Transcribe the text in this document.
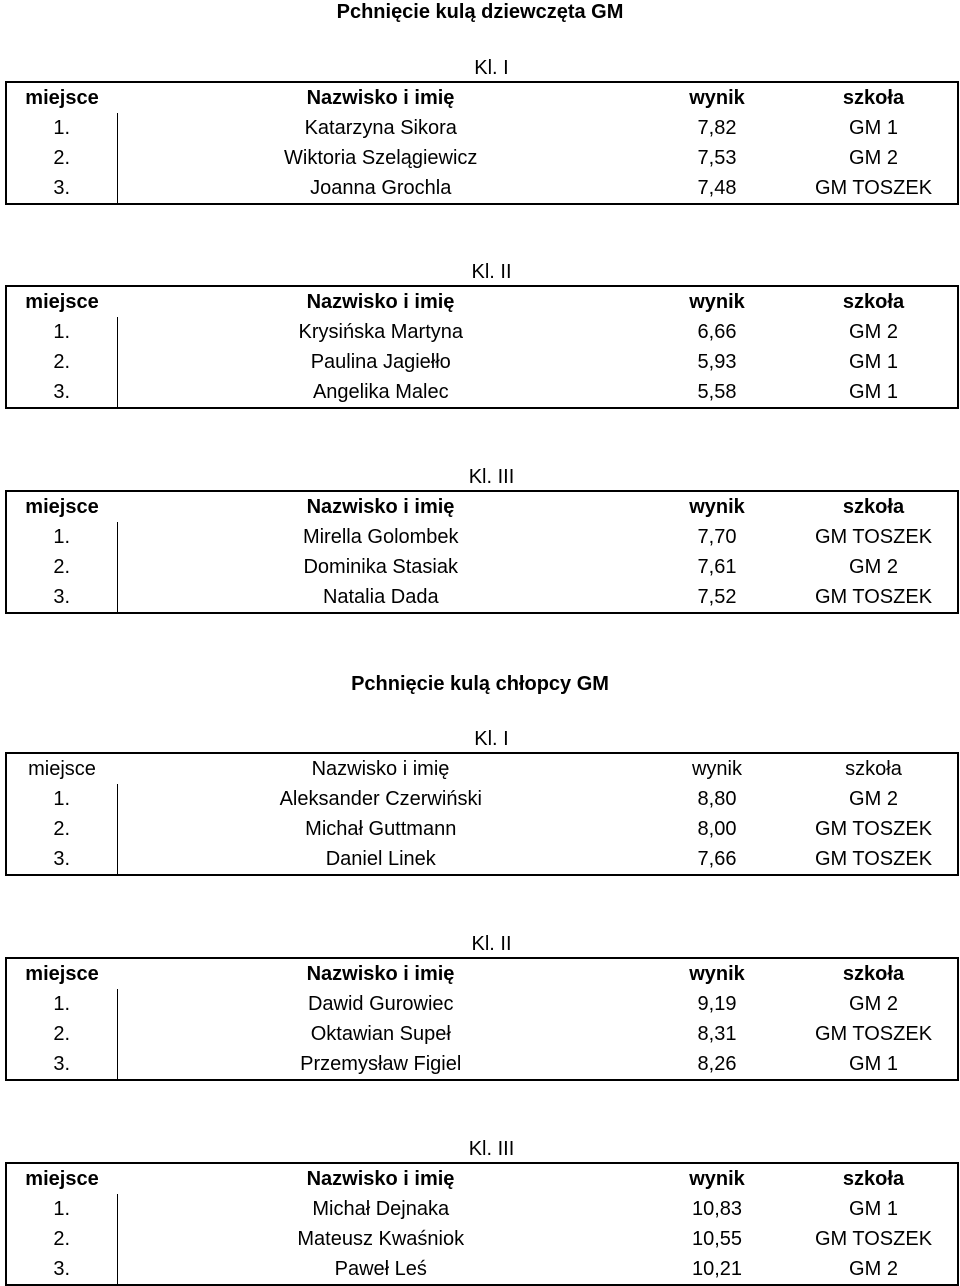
Pchnięcie kulą dziewczęta GM
Kl. I
miejsce	Nazwisko i imię	wynik	szkoła
1.	Katarzyna Sikora	7,82	GM 1
2.	Wiktoria Szelągiewicz	7,53	GM 2
3.	Joanna Grochla	7,48	GM TOSZEK
Kl. II
miejsce	Nazwisko i imię	wynik	szkoła
1.	Krysińska Martyna	6,66	GM 2
2.	Paulina Jagiełło	5,93	GM 1
3.	Angelika Malec	5,58	GM 1
Kl. III
miejsce	Nazwisko i imię	wynik	szkoła
1.	Mirella Golombek	7,70	GM TOSZEK
2.	Dominika Stasiak	7,61	GM 2
3.	Natalia Dada	7,52	GM TOSZEK
Pchnięcie kulą chłopcy GM
Kl. I
miejsce	Nazwisko i imię	wynik	szkoła
1.	Aleksander Czerwiński	8,80	GM 2
2.	Michał Guttmann	8,00	GM TOSZEK
3.	Daniel Linek	7,66	GM TOSZEK
Kl. II
miejsce	Nazwisko i imię	wynik	szkoła
1.	Dawid Gurowiec	9,19	GM 2
2.	Oktawian Supeł	8,31	GM TOSZEK
3.	Przemysław Figiel	8,26	GM 1
Kl. III
miejsce	Nazwisko i imię	wynik	szkoła
1.	Michał Dejnaka	10,83	GM 1
2.	Mateusz Kwaśniok	10,55	GM TOSZEK
3.	Paweł Leś	10,21	GM 2
